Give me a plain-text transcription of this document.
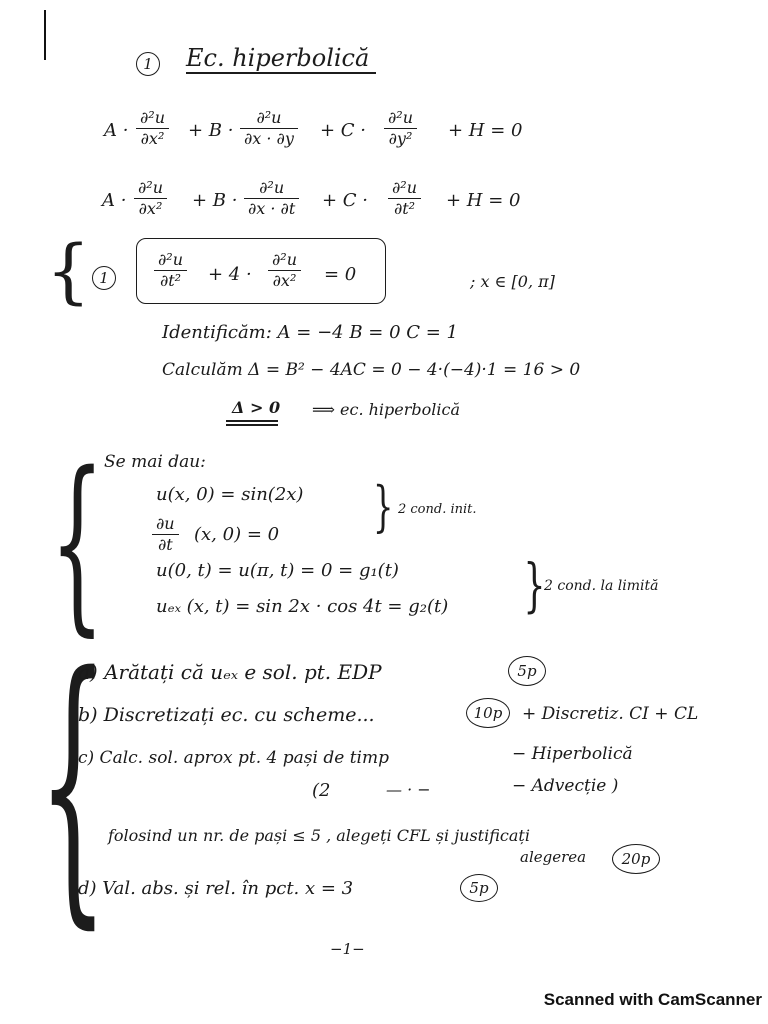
1	Ec. hiperbolică
A ·
∂²u
∂x² + B ·
∂²u
∂x · ∂y + C ·
∂²u
∂y² + H = 0
A ·
∂²u
∂x² + B ·
∂²u
∂x · ∂t + C ·
∂²u
∂t² + H = 0
{ 1
∂²u
∂t² + 4 ·
∂²u
∂x² = 0	; x ∈ [0, π]
Identificăm: A = −4 B = 0 C = 1
Calculăm Δ = B² − 4AC = 0 − 4·(−4)·1 = 16 > 0
Δ > 0 ⟹ ec. hiperbolică
{ Se mai dau:
u(x, 0) = sin(2x)
∂u
∂t (x, 0) = 0 } 2 cond. init.
u(0, t) = u(π, t) = 0 = g₁(t)
uₑₓ (x, t) = sin 2x · cos 4t = g₂(t) }
2 cond. la limită
{
a) Arătați că uₑₓ e sol. pt. EDP	5p
b) Discretizați ec. cu scheme...	10p	+ Discretiz. CI + CL
c) Calc. sol. aprox pt. 4 pași de timp	− Hiperbolică
(2	— · −	− Advecție )
folosind un nr. de pași ≤ 5 , alegeți CFL și justificați
alegerea	20p
d) Val. abs. și rel. în pct. x = 3	5p
−1−
Scanned with CamScanner
